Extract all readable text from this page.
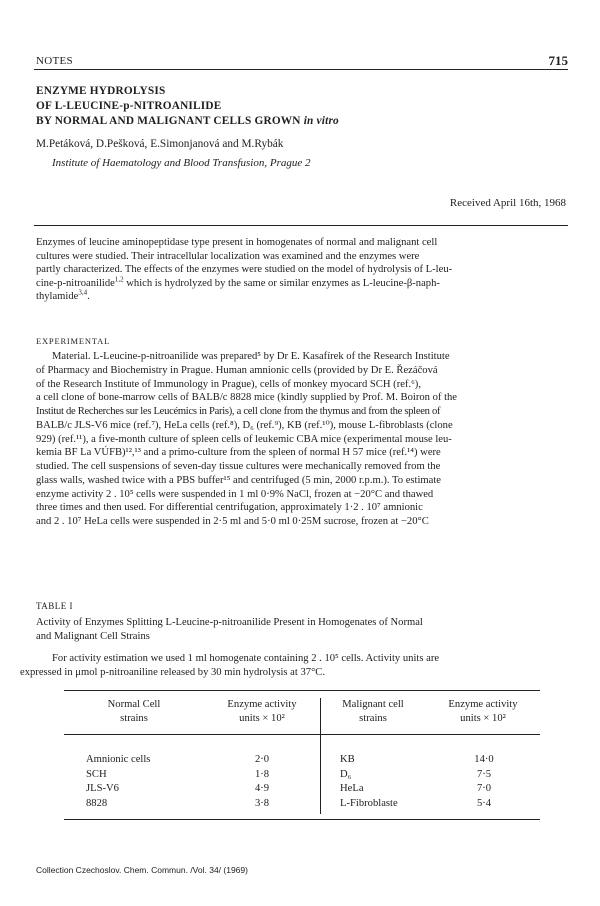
NOTES	715
ENZYME HYDROLYSIS
OF L-LEUCINE-p-NITROANILIDE
BY NORMAL AND MALIGNANT CELLS GROWN in vitro
M.Petáková, D.Pešková, E.Simonjanová and M.Rybák
Institute of Haematology and Blood Transfusion, Prague 2
Received April 16th, 1968
Enzymes of leucine aminopeptidase type present in homogenates of normal and malignant cell
cultures were studied. Their intracellular localization was examined and the enzymes were
partly characterized. The effects of the enzymes were studied on the model of hydrolysis of L-leu-
cine-p-nitroanilide$^{1,2}$ which is hydrolyzed by the same or similar enzymes as L-leucine-β-naph-
thylamide$^{3,4}$.
EXPERIMENTAL
Material. L-Leucine-p-nitroanilide was prepared⁵ by Dr E. Kasafírek of the Research Institute
of Pharmacy and Biochemistry in Prague. Human amnionic cells (provided by Dr E. Řezáčová
of the Research Institute of Immunology in Prague), cells of monkey myocard SCH (ref.⁶),
a cell clone of bone-marrow cells of BALB/c 8828 mice (kindly supplied by Prof. M. Boiron of the
Institut de Recherches sur les Leucémics in Paris), a cell clone from the thymus and from the spleen of
BALB/c JLS-V6 mice (ref.⁷), HeLa cells (ref.⁸), D₆ (ref.⁹), KB (ref.¹⁰), mouse L-fibroblasts (clone
929) (ref.¹¹), a five-month culture of spleen cells of leukemic CBA mice (experimental mouse leu-
kemia BF La VÚFB)¹²,¹³ and a primo-culture from the spleen of normal H 57 mice (ref.¹⁴) were
studied. The cell suspensions of seven-day tissue cultures were mechanically removed from the
glass walls, washed twice with a PBS buffer¹⁵ and centrifuged (5 min, 2000 r.p.m.). To estimate
enzyme activity 2 . 10⁵ cells were suspended in 1 ml 0·9% NaCl, frozen at −20°C and thawed
three times and then used. For differential centrifugation, approximately 1·2 . 10⁷ amnionic
and 2 . 10⁷ HeLa cells were suspended in 2·5 ml and 5·0 ml 0·25M sucrose, frozen at −20°C
TABLE I
Activity of Enzymes Splitting L-Leucine-p-nitroanilide Present in Homogenates of Normal
and Malignant Cell Strains
For activity estimation we used 1 ml homogenate containing 2 . 10⁵ cells. Activity units are
expressed in μmol p-nitroaniline released by 30 min hydrolysis at 37°C.
Normal Cell
strains
Enzyme activity
units × 10²
Malignant cell
strains
Enzyme activity
units × 10²
Amnionic cells
SCH
JLS-V6
8828
2·0
1·8
4·9
3·8
KB
D₆
HeLa
L-Fibroblaste
14·0
7·5
7·0
5·4
Collection Czechoslov. Chem. Commun. /Vol. 34/ (1969)
